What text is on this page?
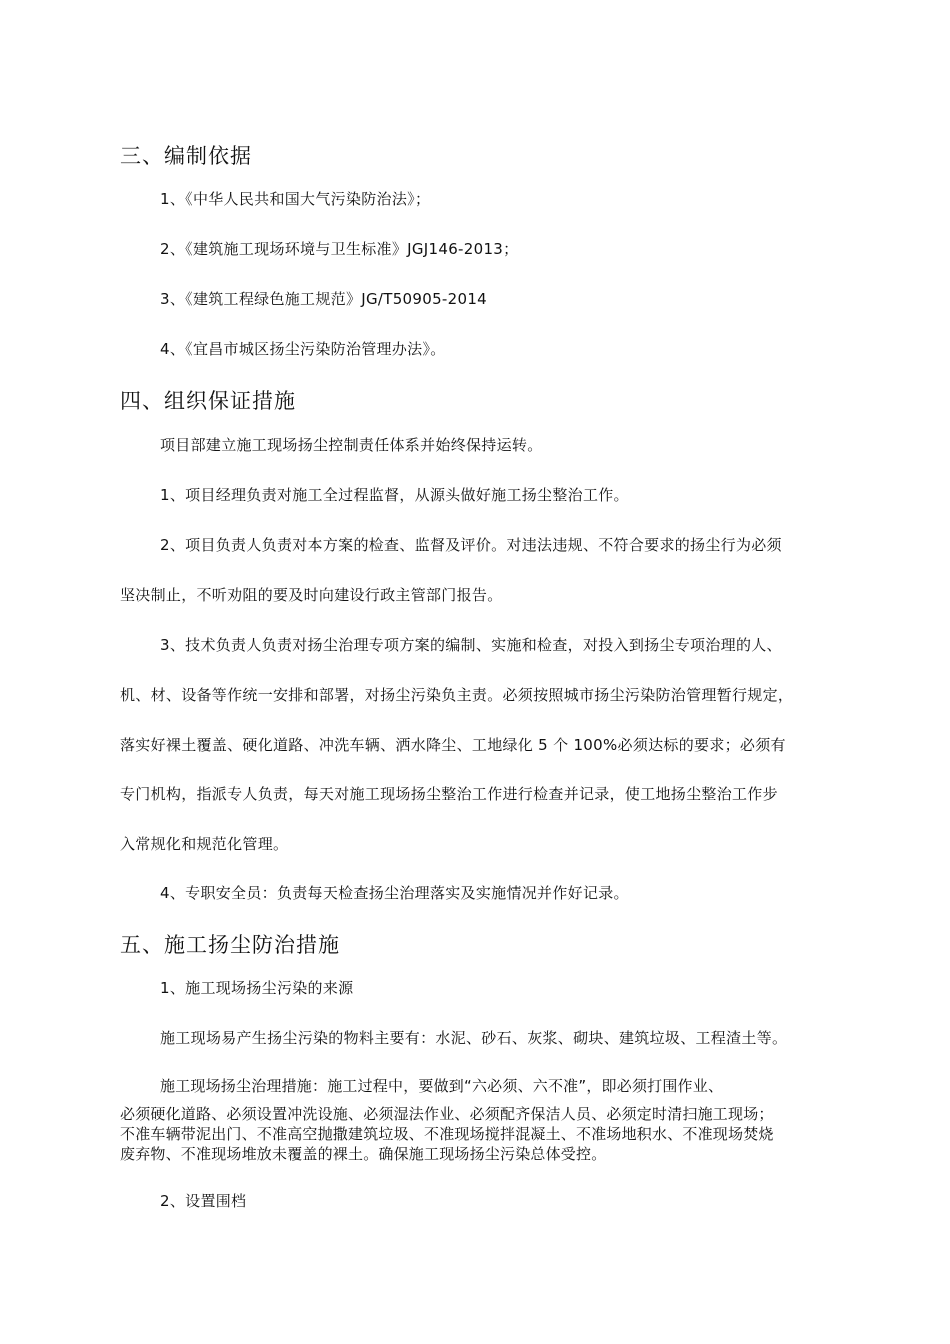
三、编制依据
1、《中华人民共和国大气污染防治法》；
2、《建筑施工现场环境与卫生标准》JGJ146-2013；
3、《建筑工程绿色施工规范》JG/T50905-2014
4、《宜昌市城区扬尘污染防治管理办法》。
四、组织保证措施
项目部建立施工现场扬尘控制责任体系并始终保持运转。
1、项目经理负责对施工全过程监督，从源头做好施工扬尘整治工作。
2、项目负责人负责对本方案的检查、监督及评价。对违法违规、不符合要求的扬尘行为必须
坚决制止，不听劝阻的要及时向建设行政主管部门报告。
3、技术负责人负责对扬尘治理专项方案的编制、实施和检查，对投入到扬尘专项治理的人、
机、材、设备等作统一安排和部署，对扬尘污染负主责。必须按照城市扬尘污染防治管理暂行规定，
落实好裸土覆盖、硬化道路、冲洗车辆、洒水降尘、工地绿化 5 个 100%必须达标的要求；必须有
专门机构，指派专人负责，每天对施工现场扬尘整治工作进行检查并记录，使工地扬尘整治工作步
入常规化和规范化管理。
4、专职安全员：负责每天检查扬尘治理落实及实施情况并作好记录。
五、施工扬尘防治措施
1、施工现场扬尘污染的来源
施工现场易产生扬尘污染的物料主要有：水泥、砂石、灰浆、砌块、建筑垃圾、工程渣土等。
施工现场扬尘治理措施：施工过程中，要做到“六必须、六不准”，即必须打围作业、
必须硬化道路、必须设置冲洗设施、必须湿法作业、必须配齐保洁人员、必须定时清扫施工现场；
不准车辆带泥出门、不准高空抛撒建筑垃圾、不准现场搅拌混凝土、不准场地积水、不准现场焚烧
废弃物、不准现场堆放未覆盖的裸土。确保施工现场扬尘污染总体受控。
2、设置围档
